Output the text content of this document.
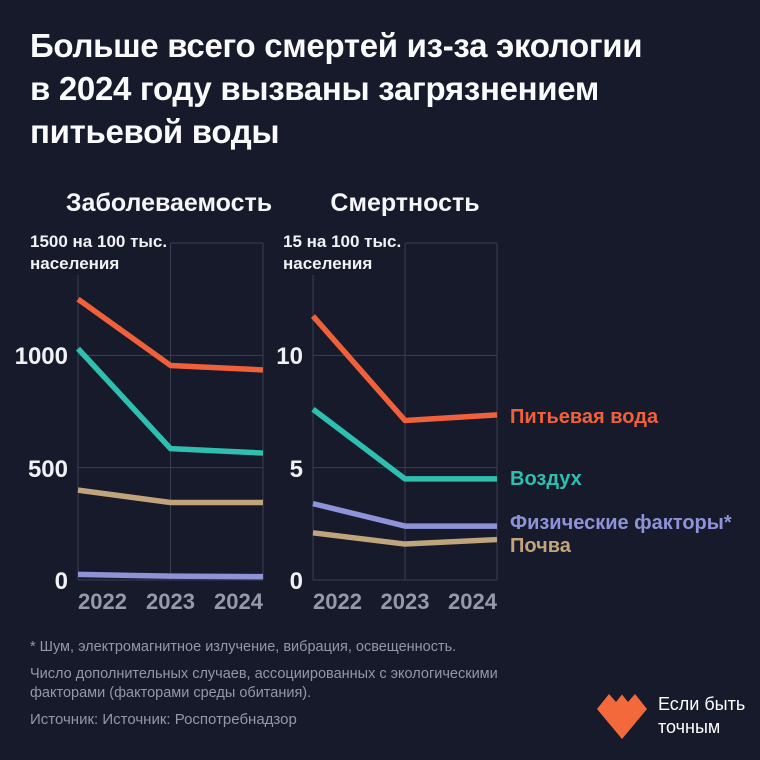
Больше всего смертей из-за экологии
в 2024 году вызваны загрязнением
питьевой воды
Заболеваемость Смертность
1500 на 100 тыс.
населения
15 на 100 тыс.
населения
1000
500
0
10
5
0
2022 2023 2024 2022 2023 2024
Питьевая вода
Воздух
Физические факторы*
Почва
* Шум, электромагнитное излучение, вибрация, освещенность.
Число дополнительных случаев, ассоциированных с экологическими
факторами (факторами среды обитания).
Источник: Источник: Роспотребнадзор
Если быть
точным
